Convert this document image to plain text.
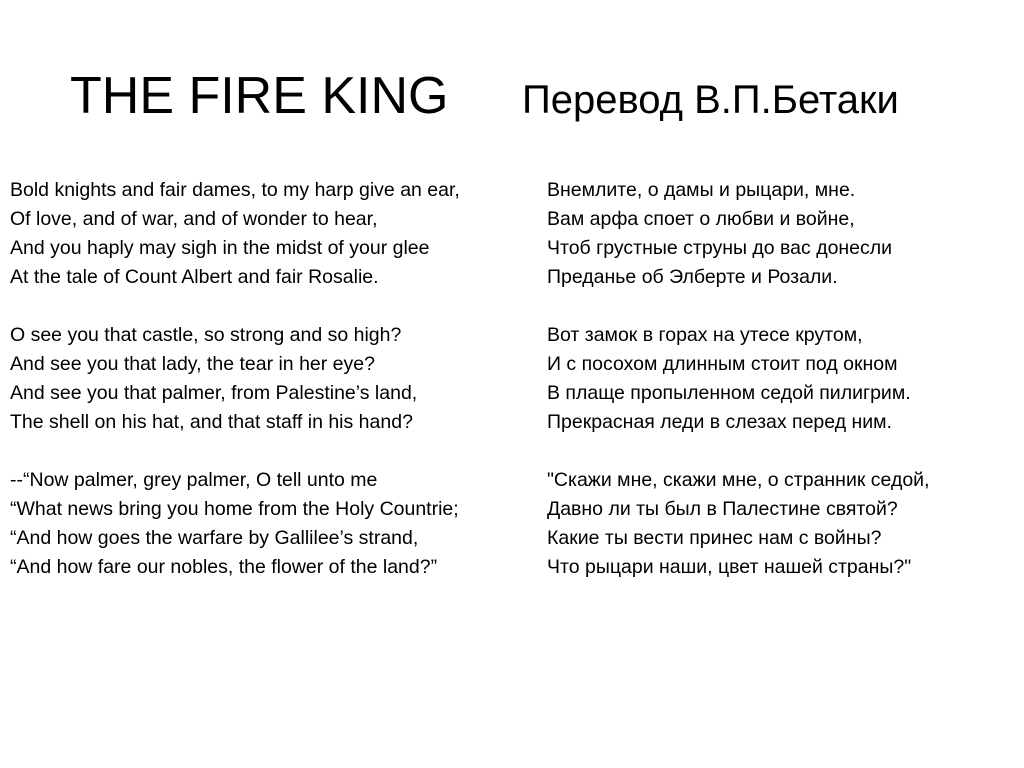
THE FIRE KING Перевод В.П.Бетаки
Bold knights and fair dames, to my harp give an ear,
Of love, and of war, and of wonder to hear,
And you haply may sigh in the midst of your glee
At the tale of Count Albert and fair Rosalie.
O see you that castle, so strong and so high?
And see you that lady, the tear in her eye?
And see you that palmer, from Palestine’s land,
The shell on his hat, and that staff in his hand?
--“Now palmer, grey palmer, O tell unto me
“What news bring you home from the Holy Countrie;
“And how goes the warfare by Gallilee’s strand,
“And how fare our nobles, the flower of the land?”
Внемлите, о дамы и рыцари, мне.
Вам арфа споет о любви и войне,
Чтоб грустные струны до вас донесли
Преданье об Элберте и Розали.
Вот замок в горах на утесе крутом,
И с посохом длинным стоит под окном
В плаще пропыленном седой пилигрим.
Прекрасная леди в слезах перед ним.
"Скажи мне, скажи мне, о странник седой,
Давно ли ты был в Палестине святой?
Какие ты вести принес нам с войны?
Что рыцари наши, цвет нашей страны?"
